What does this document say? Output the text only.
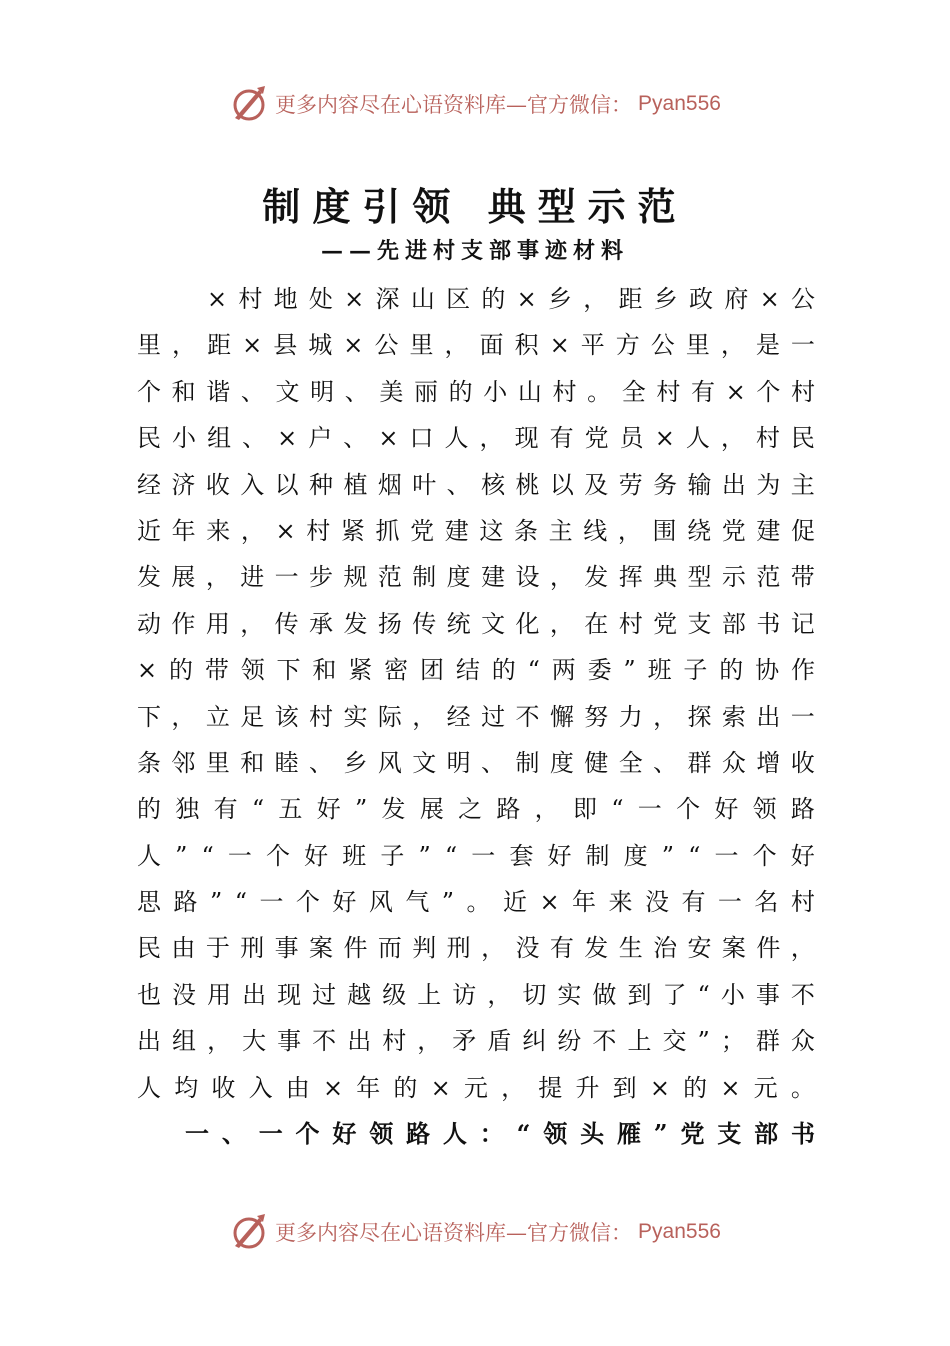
更多内容尽在心语资料库—官方微信： Pyan556
制度引领 典型示范
——先进村支部事迹材料
× 村 地 处 × 深 山 区 的 × 乡 ， 距 乡 政 府 × 公
里 ， 距 × 县 城 × 公 里 ， 面 积 × 平 方 公 里 ， 是 一
个 和 谐 、 文 明 、 美 丽 的 小 山 村 。 全 村 有 × 个 村
民 小 组 、 × 户 、 × 口 人 ， 现 有 党 员 × 人 ， 村 民
经 济 收 入 以 种 植 烟 叶 、 核 桃 以 及 劳 务 输 出 为 主
近 年 来 ， × 村 紧 抓 党 建 这 条 主 线 ， 围 绕 党 建 促
发 展 ， 进 一 步 规 范 制 度 建 设 ， 发 挥 典 型 示 范 带
动 作 用 ， 传 承 发 扬 传 统 文 化 ， 在 村 党 支 部 书 记
× 的 带 领 下 和 紧 密 团 结 的 “ 两 委 ” 班 子 的 协 作
下 ， 立 足 该 村 实 际 ， 经 过 不 懈 努 力 ， 探 索 出 一
条 邻 里 和 睦 、 乡 风 文 明 、 制 度 健 全 、 群 众 增 收
的 独 有 “ 五 好 ” 发 展 之 路 ， 即 “ 一 个 好 领 路
人 ” “ 一 个 好 班 子 ” “ 一 套 好 制 度 ” “ 一 个 好
思 路 ” “ 一 个 好 风 气 ” 。 近 × 年 来 没 有 一 名 村
民 由 于 刑 事 案 件 而 判 刑 ， 没 有 发 生 治 安 案 件 ，
也 没 用 出 现 过 越 级 上 访 ， 切 实 做 到 了 “ 小 事 不
出 组 ， 大 事 不 出 村 ， 矛 盾 纠 纷 不 上 交 ” ； 群 众
人 均 收 入 由 × 年 的 × 元 ， 提 升 到 × 的 × 元 。
一 、 一 个 好 领 路 人 ： “ 领 头 雁 ” 党 支 部 书
更多内容尽在心语资料库—官方微信： Pyan556
